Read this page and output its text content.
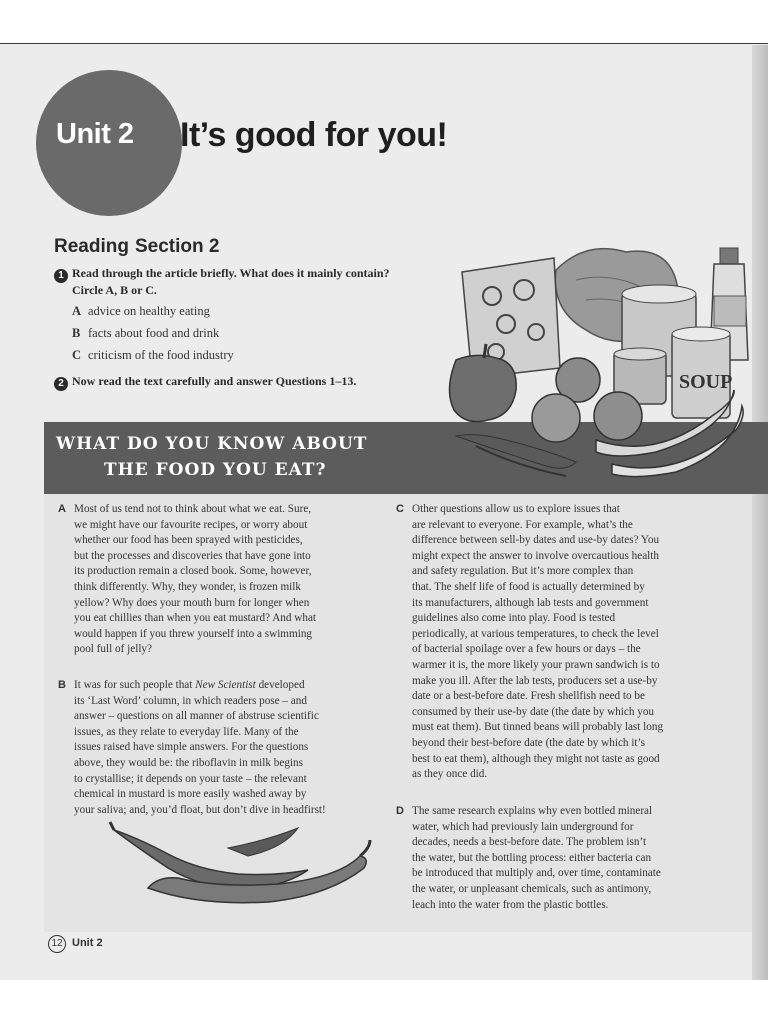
Unit 2 It’s good for you!
Reading Section 2
1 Read through the article briefly. What does it mainly contain?
Circle A, B or C.
A advice on healthy eating
B facts about food and drink
C criticism of the food industry
2 Now read the text carefully and answer Questions 1–13.
WHAT DO YOU KNOW ABOUT
THE FOOD YOU EAT?
SOUP
A Most of us tend not to think about what we eat. Sure,
we might have our favourite recipes, or worry about
whether our food has been sprayed with pesticides,
but the processes and discoveries that have gone into
its production remain a closed book. Some, however,
think differently. Why, they wonder, is frozen milk
yellow? Why does your mouth burn for longer when
you eat chillies than when you eat mustard? And what
would happen if you threw yourself into a swimming
pool full of jelly?
B It was for such people that New Scientist developed
its ‘Last Word’ column, in which readers pose – and
answer – questions on all manner of abstruse scientific
issues, as they relate to everyday life. Many of the
issues raised have simple answers. For the questions
above, they would be: the riboflavin in milk begins
to crystallise; it depends on your taste – the relevant
chemical in mustard is more easily washed away by
your saliva; and, you’d float, but don’t dive in headfirst!
C Other questions allow us to explore issues that
are relevant to everyone. For example, what’s the
difference between sell-by dates and use-by dates? You
might expect the answer to involve overcautious health
and safety regulation. But it’s more complex than
that. The shelf life of food is actually determined by
its manufacturers, although lab tests and government
guidelines also come into play. Food is tested
periodically, at various temperatures, to check the level
of bacterial spoilage over a few hours or days – the
warmer it is, the more likely your prawn sandwich is to
make you ill. After the lab tests, producers set a use-by
date or a best-before date. Fresh shellfish need to be
consumed by their use-by date (the date by which you
must eat them). But tinned beans will probably last long
beyond their best-before date (the date by which it’s
best to eat them), although they might not taste as good
as they once did.
D The same research explains why even bottled mineral
water, which had previously lain underground for
decades, needs a best-before date. The problem isn’t
the water, but the bottling process: either bacteria can
be introduced that multiply and, over time, contaminate
the water, or unpleasant chemicals, such as antimony,
leach into the water from the plastic bottles.
12 Unit 2
